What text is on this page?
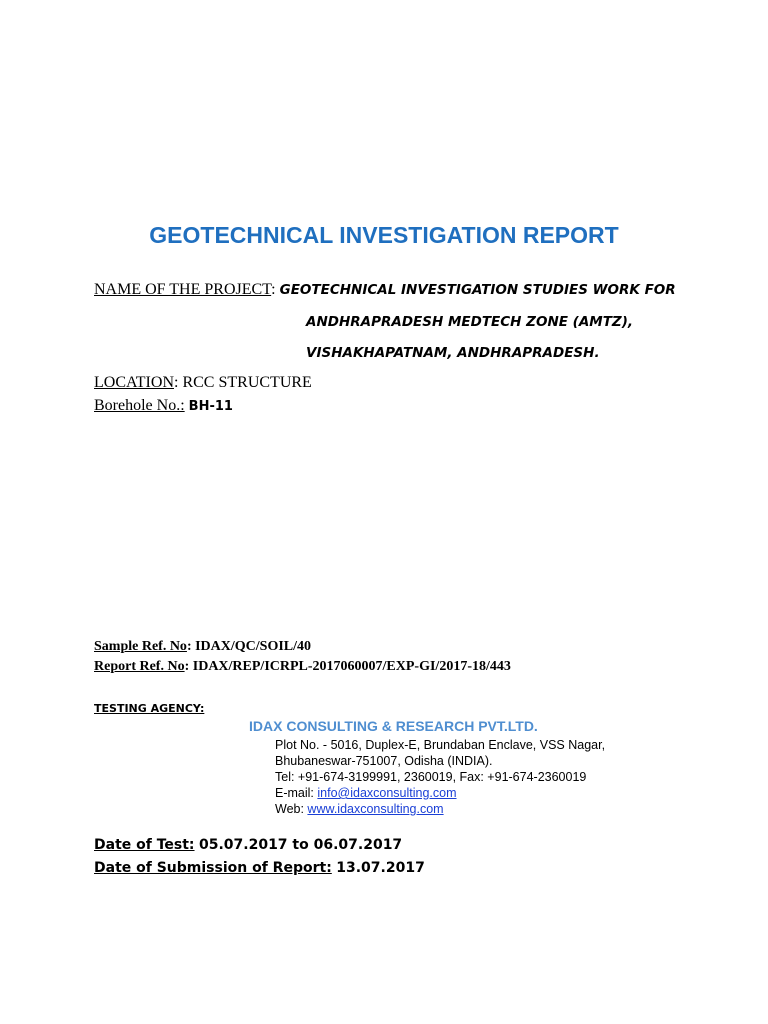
GEOTECHNICAL INVESTIGATION REPORT
NAME OF THE PROJECT: GEOTECHNICAL INVESTIGATION STUDIES WORK FOR
ANDHRAPRADESH MEDTECH ZONE (AMTZ),
VISHAKHAPATNAM, ANDHRAPRADESH.
LOCATION: RCC STRUCTURE
Borehole No.: BH-11
Sample Ref. No: IDAX/QC/SOIL/40
Report Ref. No: IDAX/REP/ICRPL-2017060007/EXP-GI/2017-18/443
TESTING AGENCY:
IDAX CONSULTING & RESEARCH PVT.LTD.
Plot No. - 5016, Duplex-E, Brundaban Enclave, VSS Nagar,
Bhubaneswar-751007, Odisha (INDIA).
Tel: +91-674-3199991, 2360019, Fax: +91-674-2360019
E-mail: info@idaxconsulting.com
Web: www.idaxconsulting.com
Date of Test: 05.07.2017 to 06.07.2017
Date of Submission of Report: 13.07.2017
